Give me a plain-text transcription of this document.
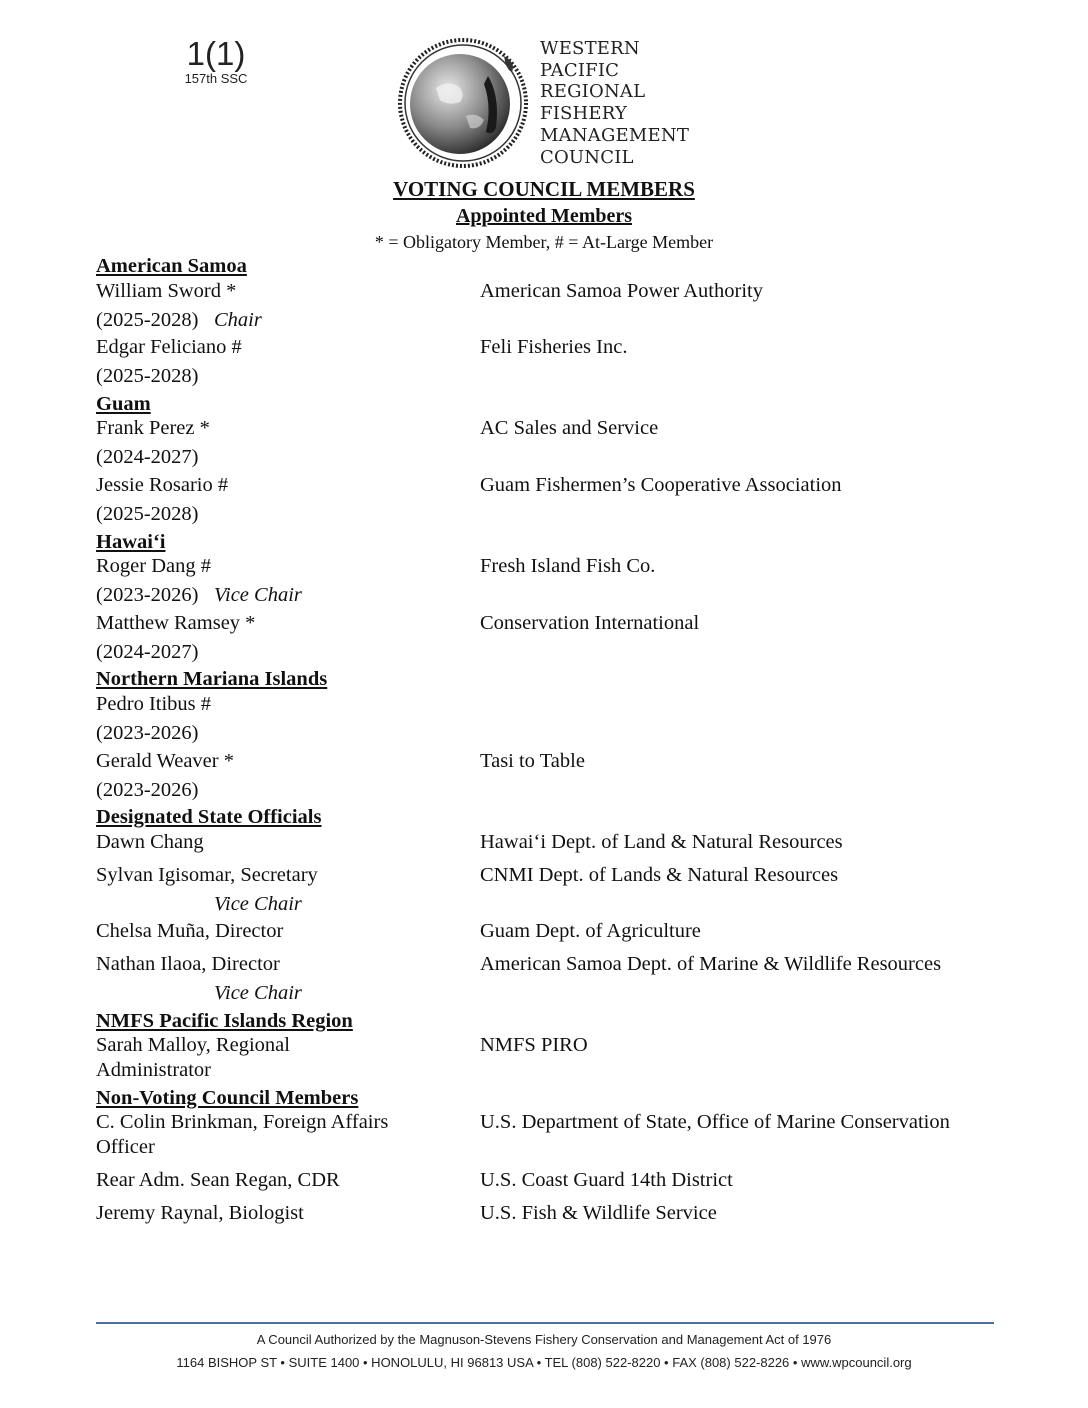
1(1)
157th SSC
WESTERN
PACIFIC
REGIONAL
FISHERY
MANAGEMENT
COUNCIL
VOTING COUNCIL MEMBERS
Appointed Members
* = Obligatory Member, # = At-Large Member
American Samoa
William Sword *	American Samoa Power Authority
(2025-2028) Chair
Edgar Feliciano #	Feli Fisheries Inc.
(2025-2028)
Guam
Frank Perez *	AC Sales and Service
(2024-2027)
Jessie Rosario #	Guam Fishermen’s Cooperative Association
(2025-2028)
Hawai‘i
Roger Dang #	Fresh Island Fish Co.
(2023-2026) Vice Chair
Matthew Ramsey *	Conservation International
(2024-2027)
Northern Mariana Islands
Pedro Itibus #
(2023-2026)
Gerald Weaver *	Tasi to Table
(2023-2026)
Designated State Officials
Dawn Chang	Hawai‘i Dept. of Land & Natural Resources
Sylvan Igisomar, Secretary	CNMI Dept. of Lands & Natural Resources
Vice Chair
Chelsa Muña, Director	Guam Dept. of Agriculture
Nathan Ilaoa, Director	American Samoa Dept. of Marine & Wildlife Resources
Vice Chair
NMFS Pacific Islands Region
Sarah Malloy, Regional	NMFS PIRO
Administrator
Non-Voting Council Members
C. Colin Brinkman, Foreign Affairs	U.S. Department of State, Office of Marine Conservation
Officer
Rear Adm. Sean Regan, CDR	U.S. Coast Guard 14th District
Jeremy Raynal, Biologist	U.S. Fish & Wildlife Service
A Council Authorized by the Magnuson-Stevens Fishery Conservation and Management Act of 1976
1164 BISHOP ST • SUITE 1400 • HONOLULU, HI 96813 USA • TEL (808) 522-8220 • FAX (808) 522-8226 • www.wpcouncil.org
